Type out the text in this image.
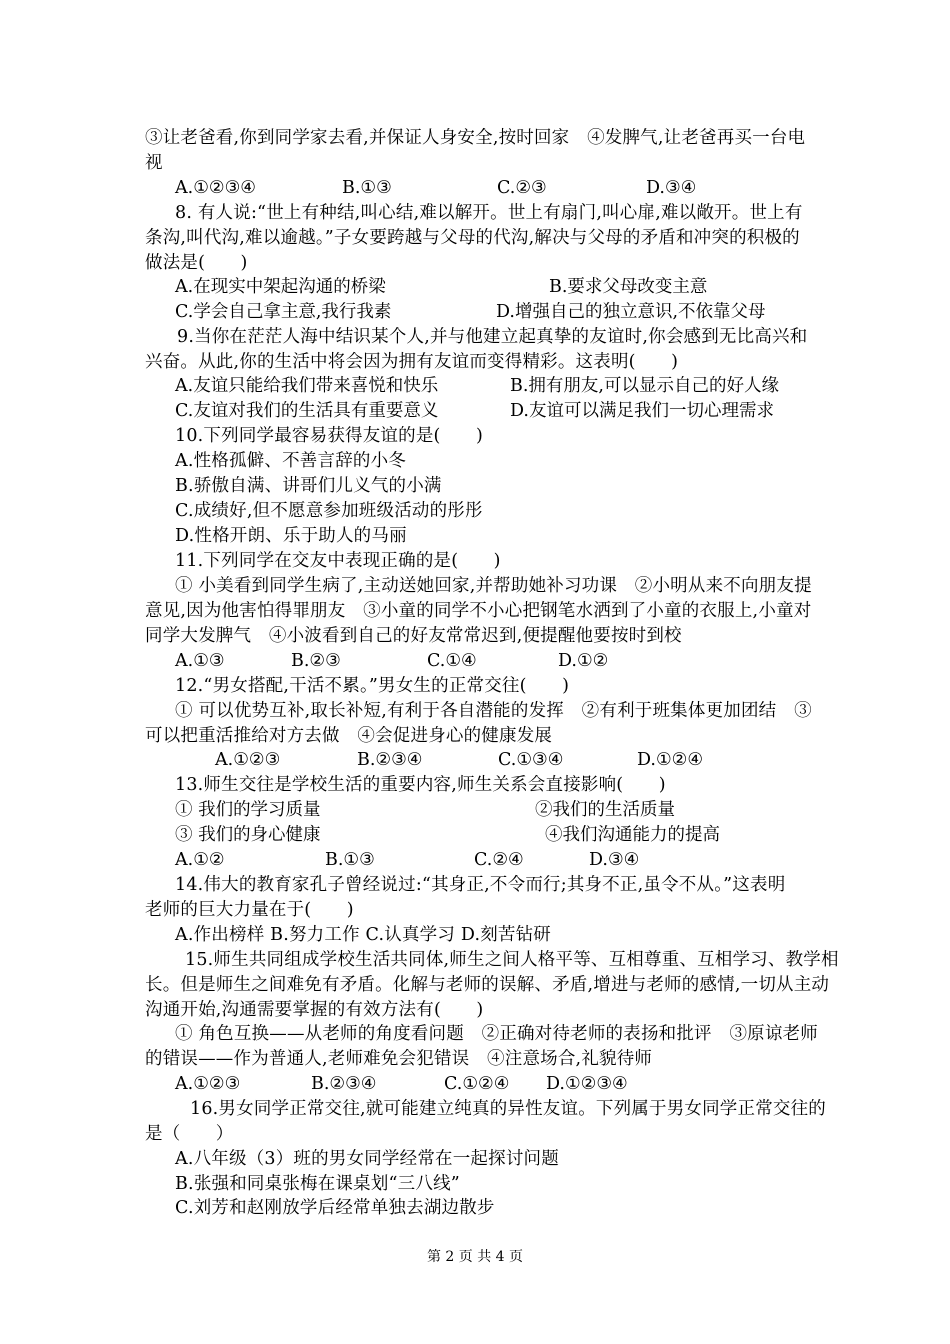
③让老爸看,你到同学家去看,并保证人身安全,按时回家　④发脾气,让老爸再买一台电
视
A.①②③④	B.①③	C.②③	D.③④
8. 有人说:“世上有种结,叫心结,难以解开。世上有扇门,叫心扉,难以敞开。世上有
条沟,叫代沟,难以逾越。”子女要跨越与父母的代沟,解决与父母的矛盾和冲突的积极的
做法是(　　)
A.在现实中架起沟通的桥梁	B.要求父母改变主意
C.学会自己拿主意,我行我素	D.增强自己的独立意识,不依靠父母
9.当你在茫茫人海中结识某个人,并与他建立起真挚的友谊时,你会感到无比高兴和
兴奋。从此,你的生活中将会因为拥有友谊而变得精彩。这表明(　　)
A.友谊只能给我们带来喜悦和快乐	B.拥有朋友,可以显示自己的好人缘
C.友谊对我们的生活具有重要意义	D.友谊可以满足我们一切心理需求
10.下列同学最容易获得友谊的是(　　)
A.性格孤僻、不善言辞的小冬
B.骄傲自满、讲哥们儿义气的小满
C.成绩好,但不愿意参加班级活动的彤彤
D.性格开朗、乐于助人的马丽
11.下列同学在交友中表现正确的是(　　)
① 小美看到同学生病了,主动送她回家,并帮助她补习功课　②小明从来不向朋友提
意见,因为他害怕得罪朋友　③小童的同学不小心把钢笔水洒到了小童的衣服上,小童对
同学大发脾气　④小波看到自己的好友常常迟到,便提醒他要按时到校
A.①③	B.②③	C.①④	D.①②
12.“男女搭配,干活不累。”男女生的正常交往(　　)
① 可以优势互补,取长补短,有利于各自潜能的发挥　②有利于班集体更加团结　③
可以把重活推给对方去做　④会促进身心的健康发展
A.①②③	B.②③④	C.①③④	D.①②④
13.师生交往是学校生活的重要内容,师生关系会直接影响(　　)
① 我们的学习质量	②我们的生活质量
③ 我们的身心健康	④我们沟通能力的提高
A.①②	B.①③	C.②④	D.③④
14.伟大的教育家孔子曾经说过:“其身正,不令而行;其身不正,虽令不从。”这表明
老师的巨大力量在于(　　)
A.作出榜样 B.努力工作 C.认真学习 D.刻苦钻研
15.师生共同组成学校生活共同体,师生之间人格平等、互相尊重、互相学习、教学相
长。但是师生之间难免有矛盾。化解与老师的误解、矛盾,增进与老师的感情,一切从主动
沟通开始,沟通需要掌握的有效方法有(　　)
① 角色互换——从老师的角度看问题　②正确对待老师的表扬和批评　③原谅老师
的错误——作为普通人,老师难免会犯错误　④注意场合,礼貌待师
A.①②③	B.②③④	C.①②④ D.①②③④
16.男女同学正常交往,就可能建立纯真的异性友谊。下列属于男女同学正常交往的
是（　　）
A.八年级（3）班的男女同学经常在一起探讨问题
B.张强和同桌张梅在课桌划“三八线”
C.刘芳和赵刚放学后经常单独去湖边散步
第 2 页 共 4 页
